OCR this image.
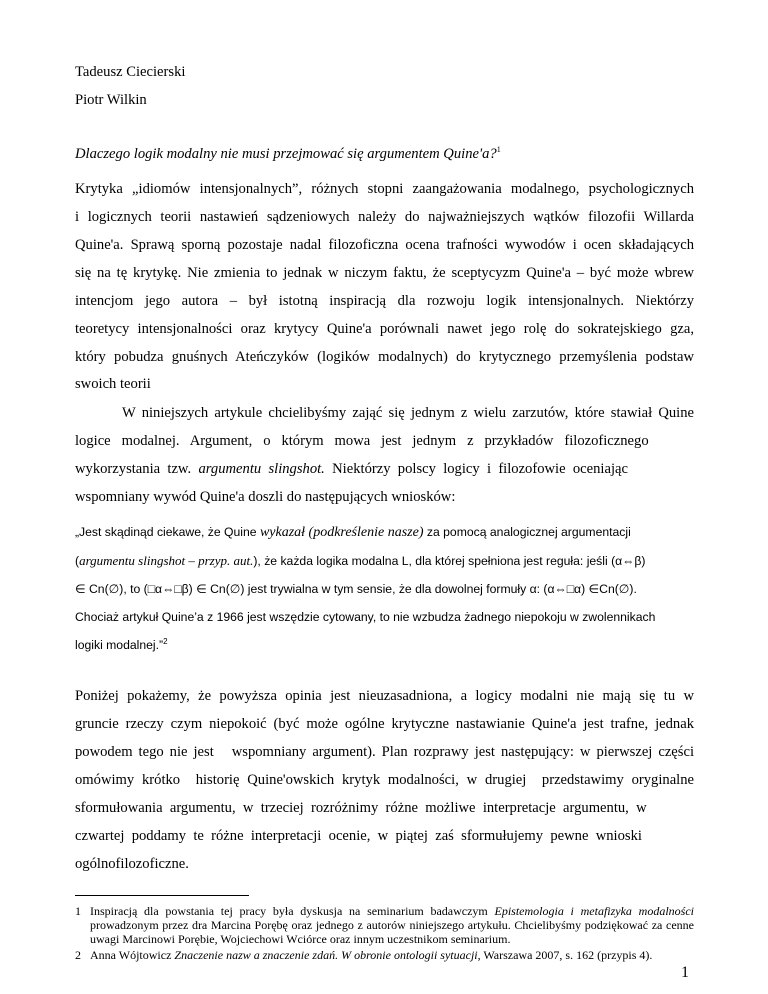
Tadeusz Ciecierski
Piotr Wilkin
Dlaczego logik modalny nie musi przejmować się argumentem Quine'a?$^1$
Krytyka „idiomów intensjonalnych”, różnych stopni zaangażowania modalnego, psychologicznych
i logicznych teorii nastawień sądzeniowych należy do najważniejszych wątków filozofii Willarda
Quine'a. Sprawą sporną pozostaje nadal filozoficzna ocena trafności wywodów i ocen składających
się na tę krytykę. Nie zmienia to jednak w niczym faktu, że sceptycyzm Quine'a – być może wbrew
intencjom jego autora – był istotną inspiracją dla rozwoju logik intensjonalnych. Niektórzy
teoretycy intensjonalności oraz krytycy Quine'a porównali nawet jego rolę do sokratejskiego gza,
który pobudza gnuśnych Ateńczyków (logików modalnych) do krytycznego przemyślenia podstaw
swoich teorii
W niniejszych artykule chcielibyśmy zająć się jednym z wielu zarzutów, które stawiał Quine
logice   modalnej.   Argument,   o   którym   mowa   jest   jednym   z   przykładów   filozoficznego
wykorzystania  tzw.  argumentu  slingshot.  Niektórzy  polscy  logicy  i  filozofowie  oceniając
wspomniany wywód Quine'a doszli do następujących wniosków:
„Jest skądinąd ciekawe, że Quine wykazał (podkreślenie nasze) za pomocą analogicznej argumentacji
(argumentu slingshot – przyp. aut.), że każda logika modalna L, dla której spełniona jest reguła: jeśli (α⇔β)
∈ Cn(∅), to (□α⇔□β) ∈ Cn(∅) jest trywialna w tym sensie, że dla dowolnej formuły α: (α⇔□α) ∈Cn(∅).
Chociaż artykuł Quine’a z 1966 jest wszędzie cytowany, to nie wzbudza żadnego niepokoju w zwolennikach
logiki modalnej.”$^2$
Poniżej pokażemy, że powyższa opinia jest nieuzasadniona, a logicy modalni nie mają się tu w
gruncie rzeczy czym niepokoić (być może ogólne krytyczne nastawianie Quine'a jest trafne, jednak
powodem tego nie jest   wspomniany argument). Plan rozprawy jest następujący: w pierwszej części
omówimy krótko  historię Quine'owskich krytyk modalności, w drugiej  przedstawimy oryginalne
sformułowania  argumentu,  w  trzeciej  rozróżnimy  różne  możliwe  interpretacje  argumentu,  w
czwartej  poddamy  te  różne  interpretacji  ocenie,  w  piątej  zaś  sformułujemy  pewne  wnioski
ogólnofilozoficzne.
1 Inspiracją dla powstania tej pracy była dyskusja na seminarium badawczym Epistemologia i metafizyka modalności prowadzonym przez dra Marcina Porębę oraz jednego z autorów niniejszego artykułu. Chcielibyśmy podziękować za cenne uwagi Marcinowi Porębie, Wojciechowi Wciórce oraz innym uczestnikom seminarium.
2 Anna Wójtowicz Znaczenie nazw a znaczenie zdań. W obronie ontologii sytuacji, Warszawa 2007, s. 162 (przypis 4).
1
